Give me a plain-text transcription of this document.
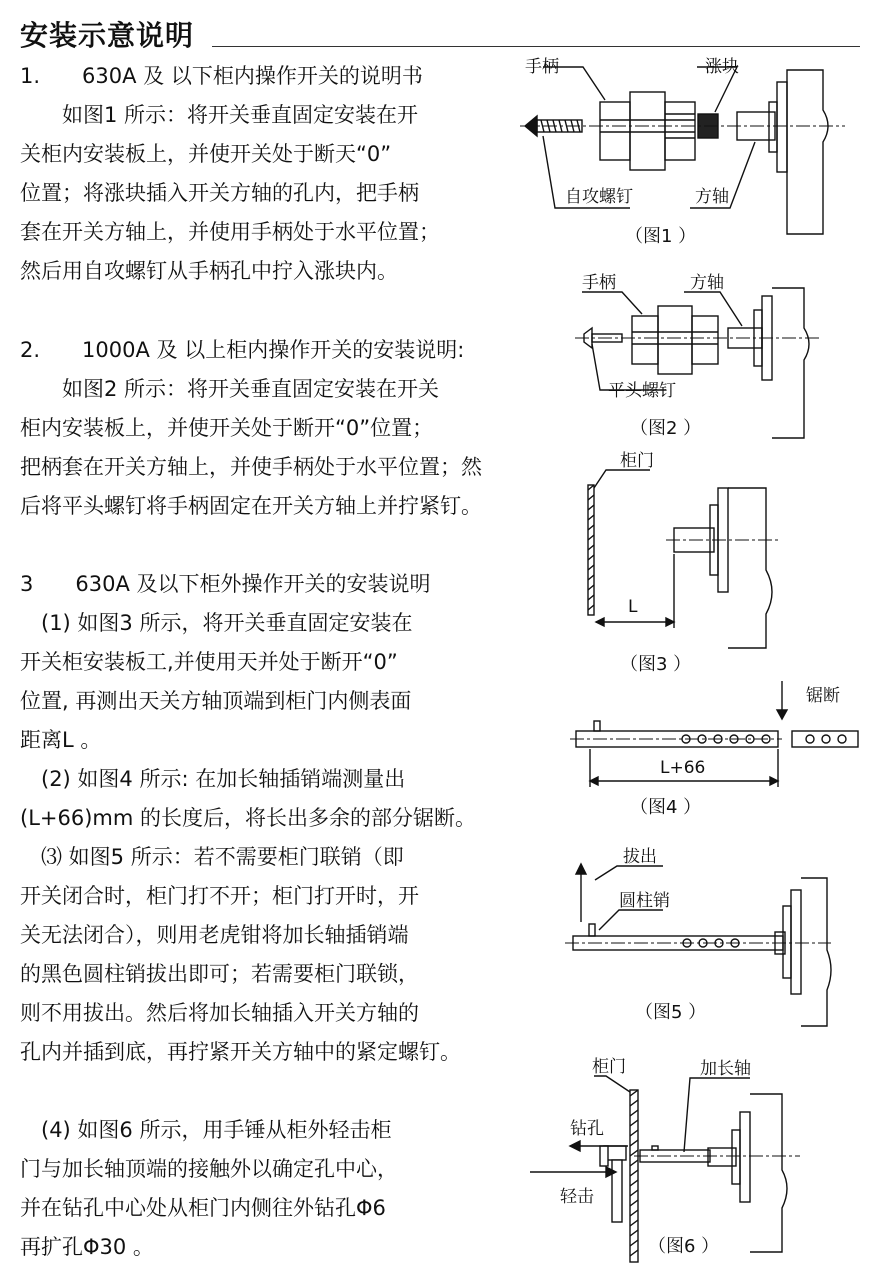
安装示意说明
1.　　630A 及 以下柜内操作开关的说明书
　　如图1 所示：将开关垂直固定安装在开
关柜内安装板上，并使开关处于断天“0”
位置；将涨块插入开关方轴的孔内，把手柄
套在开关方轴上，并使用手柄处于水平位置；
然后用自攻螺钉从手柄孔中拧入涨块内。
2.　　1000A 及 以上柜内操作开关的安装说明:
　　如图2 所示：将开关垂直固定安装在开关
柜内安装板上，并使开关处于断开“0”位置；
把柄套在开关方轴上，并使手柄处于水平位置；然
后将平头螺钉将手柄固定在开关方轴上并拧紧钉。
3　　630A 及以下柜外操作开关的安装说明
　(1) 如图3 所示，将开关垂直固定安装在
开关柜安装板工,并使用天并处于断开“0”
位置, 再测出天关方轴顶端到柜门内侧表面
距离L 。
　(2) 如图4 所示: 在加长轴插销端测量出
(L+66)mm 的长度后，将长出多余的部分锯断。
　⑶ 如图5 所示：若不需要柜门联销（即
开关闭合时，柜门打不开；柜门打开时，开
关无法闭合），则用老虎钳将加长轴插销端
的黑色圆柱销拔出即可；若需要柜门联锁，
则不用拔出。然后将加长轴插入开关方轴的
孔内并插到底，再拧紧开关方轴中的紧定螺钉。
　(4) 如图6 所示，用手锤从柜外轻击柜
门与加长轴顶端的接触外以确定孔中心，
并在钻孔中心处从柜门内侧往外钻孔Φ6
再扩孔Φ30 。
手柄	涨块
自攻螺钉	方轴
（图1 ）
手柄	方轴
平头螺钉
（图2 ）
柜门
L
（图3 ）
锯断
L+66
（图4 ）
拔出
圆柱销
（图5 ）
柜门	加长轴
钻孔
轻击
（图6 ）
